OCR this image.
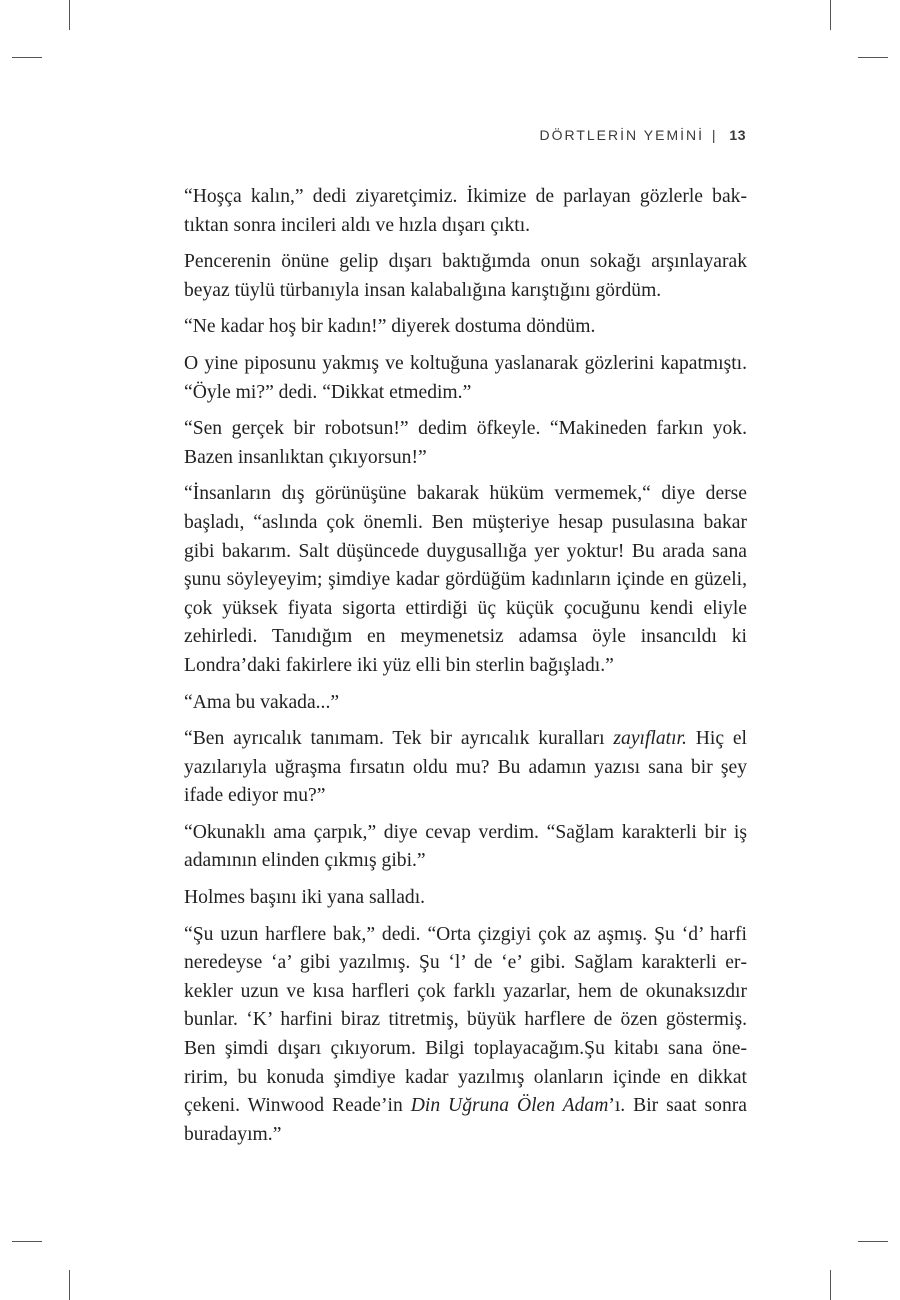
DÖRTLERİN YEMİNİ | 13

“Hoşça kalın,” dedi ziyaretçimiz. İkimize de parlayan gözlerle baktıktan sonra incileri aldı ve hızla dışarı çıktı.

Pencerenin önüne gelip dışarı baktığımda onun sokağı arşınlayarak beyaz tüylü türbanıyla insan kalabalığına karıştığını gördüm.

“Ne kadar hoş bir kadın!” diyerek dostuma döndüm.

O yine piposunu yakmış ve koltuğuna yaslanarak gözlerini kapatmıştı. “Öyle mi?” dedi. “Dikkat etmedim.”

“Sen gerçek bir robotsun!” dedim öfkeyle. “Makineden farkın yok. Bazen insanlıktan çıkıyorsun!”

“İnsanların dış görünüşüne bakarak hüküm vermemek,“ diye derse başladı, “aslında çok önemli. Ben müşteriye hesap pusulasına bakar gibi bakarım. Salt düşüncede duygusallığa yer yoktur! Bu arada sana şunu söyleyeyim; şimdiye kadar gördüğüm kadınların içinde en güzeli, çok yüksek fiyata sigorta ettirdiği üç küçük çocuğunu kendi eliyle zehirledi. Tanıdığım en meymenetsiz adamsa öyle insancıldı ki Londra’daki fakirlere iki yüz elli bin sterlin bağışladı.”

“Ama bu vakada...”

“Ben ayrıcalık tanımam. Tek bir ayrıcalık kuralları zayıflatır. Hiç el yazılarıyla uğraşma fırsatın oldu mu? Bu adamın yazısı sana bir şey ifade ediyor mu?”

“Okunaklı ama çarpık,” diye cevap verdim. “Sağlam karakterli bir iş adamının elinden çıkmış gibi.”

Holmes başını iki yana salladı.

“Şu uzun harflere bak,” dedi. “Orta çizgiyi çok az aşmış. Şu ‘d’ harfi neredeyse ‘a’ gibi yazılmış. Şu ‘l’ de ‘e’ gibi. Sağlam karakterli erkekler uzun ve kısa harfleri çok farklı yazarlar, hem de okunaksızdır bunlar. ‘K’ harfini biraz titretmiş, büyük harflere de özen göstermiş. Ben şimdi dışarı çıkıyorum. Bilgi toplayacağım.Şu kitabı sana öneririm, bu konuda şimdiye kadar yazılmış olanların içinde en dikkat çekeni. Winwood Reade’in Din Uğruna Ölen Adam’ı. Bir saat sonra buradayım.”
